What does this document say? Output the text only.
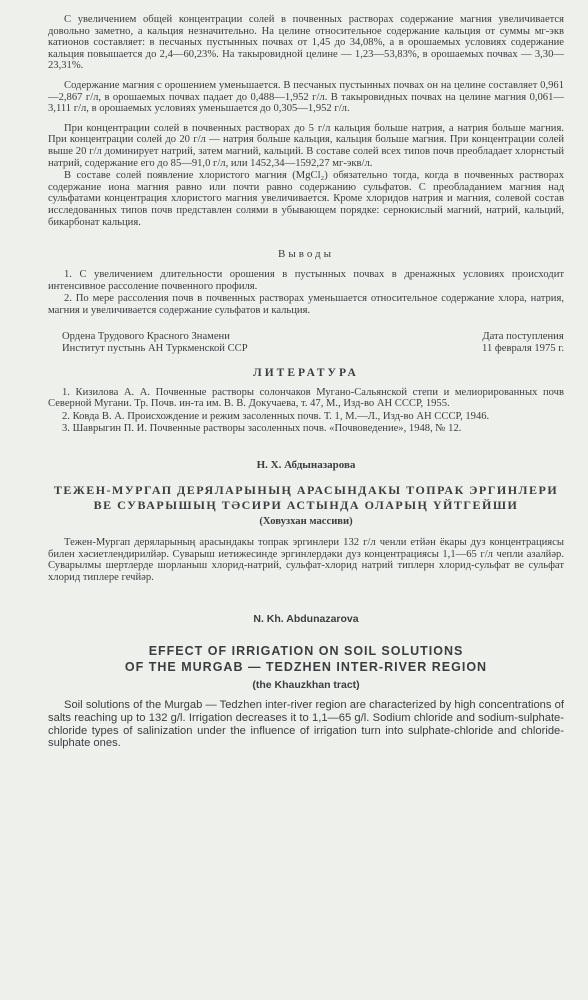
С увеличением общей концентрации солей в почвенных растворах содержание магния увеличивается довольно заметно, а кальция незначительно. На целине относительное содержание кальция от суммы мг-экв катионов составляет: в песчаных пустынных почвах от 1,45 до 34,08%, а в орошаемых условиях содержание кальция повышается до 2,4—60,23%. На такыровидной целине — 1,23—53,83%, в орошаемых почвах — 3,30—23,31%.

Содержание магния с орошением уменьшается. В песчаных пустынных почвах он на целине составляет 0,961—2,867 г/л, в орошаемых почвах падает до 0,488—1,952 г/л. В такыровидных почвах на целине магния 0,061—3,111 г/л, в орошаемых условиях уменьшается до 0,305—1,952 г/л.

При концентрации солей в почвенных растворах до 5 г/л кальция больше натрия, а натрия больше магния. При концентрации солей до 20 г/л — натрия больше кальция, кальция больше магния. При концентрации солей выше 20 г/л доминирует натрий, затем магний, кальций. В составе солей всех типов почв преобладает хлорнстый натрий, содержание его до 85—91,0 г/л, или 1452,34—1592,27 мг-экв/л.

В составе солей появление хлористого магния (MgCl₂) обязательно тогда, когда в почвенных растворах содержание иона магния равно или почти равно содержанию сульфатов. С преобладанием магния над сульфатами концентрация хлористого магния увеличивается. Кроме хлоридов натрия и магния, солевой состав исследованных типов почв представлен солями в убывающем порядке: сернокислый магний, натрий, кальций, бикарбонат кальция.

Выводы

1. С увеличением длительности орошения в пустынных почвах в дренажных условиях происходит интенсивное рассоление почвенного профиля.

2. По мере рассоления почв в почвенных растворах уменьшается относительное содержание хлора, натрия, магния и увеличивается содержание сульфатов и кальция.

Ордена Трудового Красного Знамени
Институт пустынь АН Туркменской ССР
Дата поступления
11 февраля 1975 г.
ЛИТЕРАТУРА

1. Кизилова А. А. Почвенные растворы солончаков Мугано-Сальянской степи и мелиорированных почв Северной Мугани. Тр. Почв. ин-та им. В. В. Докучаева, т. 47, М., Изд-во АН СССР, 1955.

2. Ковда В. А. Происхождение и режим засоленных почв. Т. 1, М.—Л., Изд-во АН СССР, 1946.

3. Шаврыгин П. И. Почвенные растворы засоленных почв. «Почвоведение», 1948, № 12.

Н. Х. Абдыназарова
ТЕЖЕН-МУРГАП ДЕРЯЛАРЫНЫҢ АРАСЫНДАКЫ ТОПРАК ЭРГИНЛЕРИ
ВЕ СУВАРЫШЫҢ ТӘСИРИ АСТЫНДА ОЛАРЫҢ ҮЙТГЕЙШИ
(Ховузхан массиви)

Тежен-Мургап деряларының арасындакы топрак эргинлери 132 г/л ченли етйән ёкары дуз концентрациясы билен хәсиетлендирилйәр. Суварыш иетижесинде эргинлердәки дуз концентрациясы 1,1—65 г/л чепли азалйәр. Суварылмы шертлерде шорланыш хлорид-натрий, сульфат-хлорид натрий типлерн хлорид-сульфат ве сульфат хлорид типлере гечйәр.

N. Kh. Abdunazarova
EFFECT OF IRRIGATION ON SOIL SOLUTIONS
OF THE MURGAB — TEDZHEN INTER-RIVER REGION
(the Khauzkhan tract)

Soil solutions of the Murgab — Tedzhen inter-river region are characterized by high concentrations of salts reaching up to 132 g/l. Irrigation decreases it to 1,1—65 g/l. Sodium chloride and sodium-sulphate-chloride types of salinization under the influence of irrigation turn into sulphate-chloride and chloride-sulphate ones.
